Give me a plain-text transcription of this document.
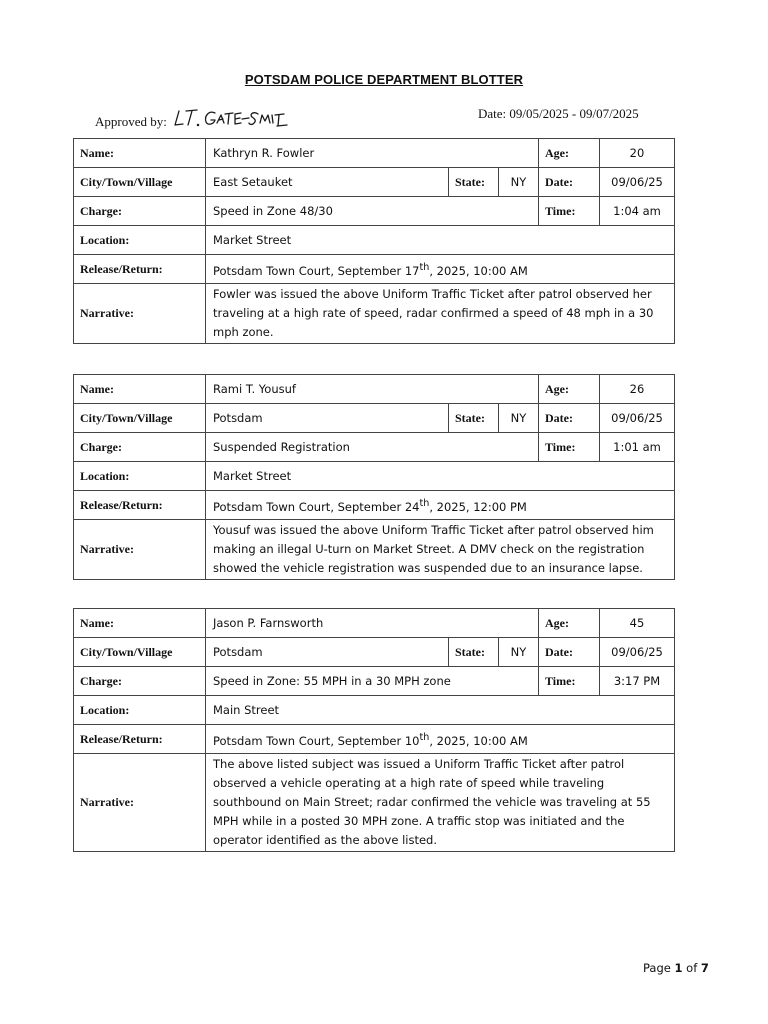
POTSDAM POLICE DEPARTMENT BLOTTER
Approved by:
Date: 09/05/2025 - 09/07/2025
Name:	Kathryn R. Fowler			Age:	20
City/Town/Village	East Setauket	State:	NY	Date:	09/06/25
Charge:	Speed in Zone 48/30			Time:	1:04 am
Location:	Market Street				
Release/Return:	Potsdam Town Court, September 17th, 2025, 10:00 AM				
Narrative:	Fowler was issued the above Uniform Traffic Ticket after patrol observed her traveling at a high rate of speed, radar confirmed a speed of 48 mph in a 30 mph zone.				
Name:	Rami T. Yousuf			Age:	26
City/Town/Village	Potsdam	State:	NY	Date:	09/06/25
Charge:	Suspended Registration			Time:	1:01 am
Location:	Market Street				
Release/Return:	Potsdam Town Court, September 24th, 2025, 12:00 PM				
Narrative:	Yousuf was issued the above Uniform Traffic Ticket after patrol observed him making an illegal U-turn on Market Street. A DMV check on the registration showed the vehicle registration was suspended due to an insurance lapse.				
Name:	Jason P. Farnsworth			Age:	45
City/Town/Village	Potsdam	State:	NY	Date:	09/06/25
Charge:	Speed in Zone: 55 MPH in a 30 MPH zone			Time:	3:17 PM
Location:	Main Street				
Release/Return:	Potsdam Town Court, September 10th, 2025, 10:00 AM				
Narrative:	The above listed subject was issued a Uniform Traffic Ticket after patrol observed a vehicle operating at a high rate of speed while traveling southbound on Main Street; radar confirmed the vehicle was traveling at 55 MPH while in a posted 30 MPH zone. A traffic stop was initiated and the operator identified as the above listed.				
Page 1 of 7
